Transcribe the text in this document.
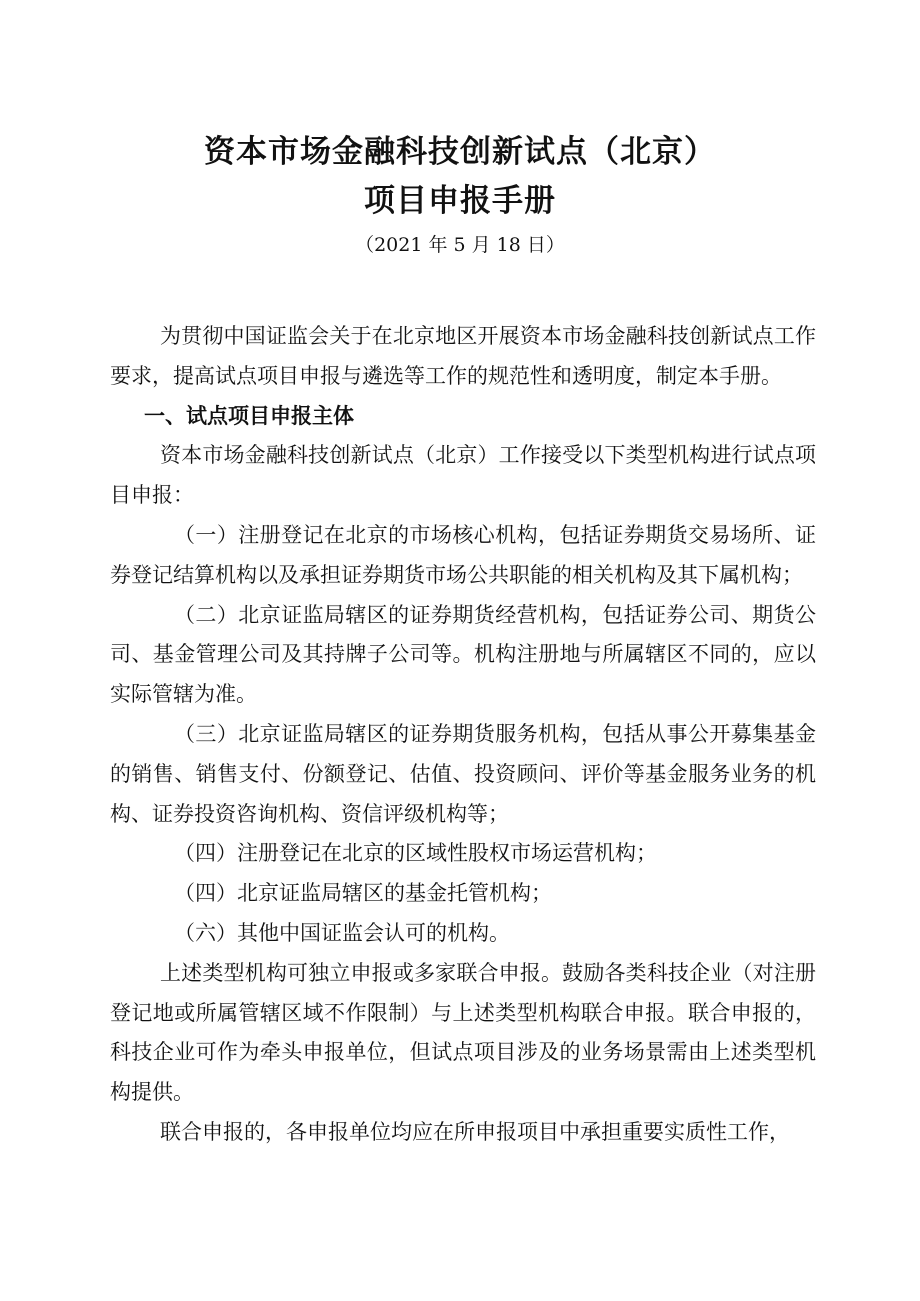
资本市场金融科技创新试点（北京）
项目申报手册
（2021 年 5 月 18 日）

为贯彻中国证监会关于在北京地区开展资本市场金融科技创新试点工作要求，提高试点项目申报与遴选等工作的规范性和透明度，制定本手册。

一、试点项目申报主体

资本市场金融科技创新试点（北京）工作接受以下类型机构进行试点项目申报：

（一）注册登记在北京的市场核心机构，包括证券期货交易场所、证券登记结算机构以及承担证券期货市场公共职能的相关机构及其下属机构；

（二）北京证监局辖区的证券期货经营机构，包括证券公司、期货公司、基金管理公司及其持牌子公司等。机构注册地与所属辖区不同的，应以实际管辖为准。

（三）北京证监局辖区的证券期货服务机构，包括从事公开募集基金的销售、销售支付、份额登记、估值、投资顾问、评价等基金服务业务的机构、证券投资咨询机构、资信评级机构等；

（四）注册登记在北京的区域性股权市场运营机构；

（四）北京证监局辖区的基金托管机构；

（六）其他中国证监会认可的机构。

上述类型机构可独立申报或多家联合申报。鼓励各类科技企业（对注册登记地或所属管辖区域不作限制）与上述类型机构联合申报。联合申报的，科技企业可作为牵头申报单位，但试点项目涉及的业务场景需由上述类型机构提供。

联合申报的，各申报单位均应在所申报项目中承担重要实质性工作，
